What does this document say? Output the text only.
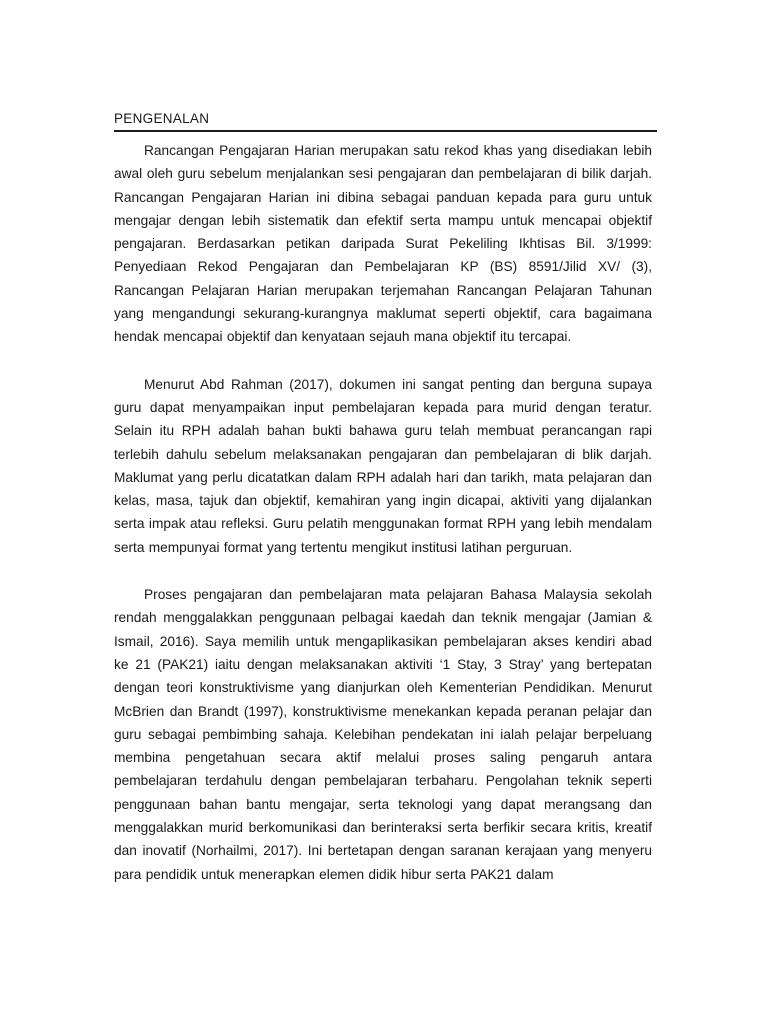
PENGENALAN

Rancangan Pengajaran Harian merupakan satu rekod khas yang disediakan lebih awal oleh guru sebelum menjalankan sesi pengajaran dan pembelajaran di bilik darjah. Rancangan Pengajaran Harian ini dibina sebagai panduan kepada para guru untuk mengajar dengan lebih sistematik dan efektif serta mampu untuk mencapai objektif pengajaran. Berdasarkan petikan daripada Surat Pekeliling Ikhtisas Bil. 3/1999: Penyediaan Rekod Pengajaran dan Pembelajaran KP (BS) 8591/Jilid XV/ (3), Rancangan Pelajaran Harian merupakan terjemahan Rancangan Pelajaran Tahunan yang mengandungi sekurang-kurangnya maklumat seperti objektif, cara bagaimana hendak mencapai objektif dan kenyataan sejauh mana objektif itu tercapai.

Menurut Abd Rahman (2017), dokumen ini sangat penting dan berguna supaya guru dapat menyampaikan input pembelajaran kepada para murid dengan teratur. Selain itu RPH adalah bahan bukti bahawa guru telah membuat perancangan rapi terlebih dahulu sebelum melaksanakan pengajaran dan pembelajaran di blik darjah. Maklumat yang perlu dicatatkan dalam RPH adalah hari dan tarikh, mata pelajaran dan kelas, masa, tajuk dan objektif, kemahiran yang ingin dicapai, aktiviti yang dijalankan serta impak atau refleksi. Guru pelatih menggunakan format RPH yang lebih mendalam serta mempunyai format yang tertentu mengikut institusi latihan perguruan.

Proses pengajaran dan pembelajaran mata pelajaran Bahasa Malaysia sekolah rendah menggalakkan penggunaan pelbagai kaedah dan teknik mengajar (Jamian & Ismail, 2016). Saya memilih untuk mengaplikasikan pembelajaran akses kendiri abad ke 21 (PAK21) iaitu dengan melaksanakan aktiviti ‘1 Stay, 3 Stray’ yang bertepatan dengan teori konstruktivisme yang dianjurkan oleh Kementerian Pendidikan. Menurut McBrien dan Brandt (1997), konstruktivisme menekankan kepada peranan pelajar dan guru sebagai pembimbing sahaja. Kelebihan pendekatan ini ialah pelajar berpeluang membina pengetahuan secara aktif melalui proses saling pengaruh antara pembelajaran terdahulu dengan pembelajaran terbaharu. Pengolahan teknik seperti penggunaan bahan bantu mengajar, serta teknologi yang dapat merangsang dan menggalakkan murid berkomunikasi dan berinteraksi serta berfikir secara kritis, kreatif dan inovatif (Norhailmi, 2017). Ini bertetapan dengan saranan kerajaan yang menyeru para pendidik untuk menerapkan elemen didik hibur serta PAK21 dalam
